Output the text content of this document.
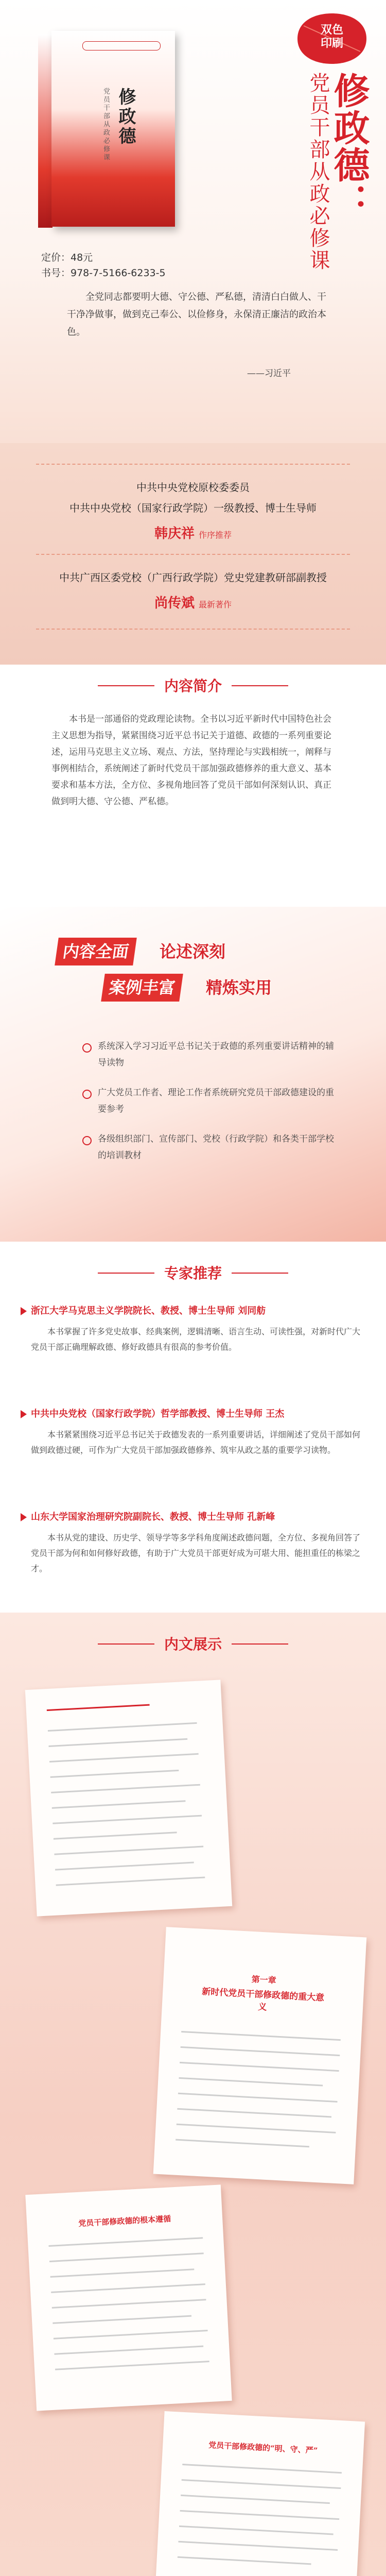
修政德
党员干部从政必修课
双色
印刷
修政德：
党员干部从政必修课
定价：48元
书号：978-7-5166-6233-5
全党同志都要明大德、守公德、严私德，清清白白做人、干干净净做事，做到克己奉公、以俭修身，永保清正廉洁的政治本色。
——习近平
中共中央党校原校委委员
中共中央党校（国家行政学院）一级教授、博士生导师
韩庆祥 作序推荐
中共广西区委党校（广西行政学院）党史党建教研部副教授
尚传斌 最新著作
内容简介
本书是一部通俗的党政理论读物。全书以习近平新时代中国特色社会主义思想为指导，紧紧围绕习近平总书记关于道德、政德的一系列重要论述，运用马克思主义立场、观点、方法，坚持理论与实践相统一，阐释与事例相结合，系统阐述了新时代党员干部加强政德修养的重大意义、基本要求和基本方法，全方位、多视角地回答了党员干部如何深刻认识、真正做到明大德、守公德、严私德。
内容全面	论述深刻
案例丰富	精炼实用
系统深入学习习近平总书记关于政德的系列重要讲话精神的辅导读物
广大党员工作者、理论工作者系统研究党员干部政德建设的重要参考
各级组织部门、宣传部门、党校（行政学院）和各类干部学校的培训教材
专家推荐
浙江大学马克思主义学院院长、教授、博士生导师 刘同舫
本书掌握了许多党史故事、经典案例，逻辑清晰、语言生动、可读性强，对新时代广大党员干部正确理解政德、修好政德具有很高的参考价值。
中共中央党校（国家行政学院）哲学部教授、博士生导师 王杰
本书紧紧围绕习近平总书记关于政德发表的一系列重要讲话，详细阐述了党员干部如何做到政德过硬，可作为广大党员干部加强政德修养、筑牢从政之基的重要学习读物。
山东大学国家治理研究院副院长、教授、博士生导师 孔新峰
本书从党的建设、历史学、领导学等多学科角度阐述政德问题，全方位、多视角回答了党员干部为何和如何修好政德，有助于广大党员干部更好成为可堪大用、能担重任的栋梁之才。
内文展示
第一章
新时代党员干部修政德的重大意义
党员干部修政德的根本遵循
党员干部修政德的“明、守、严”
